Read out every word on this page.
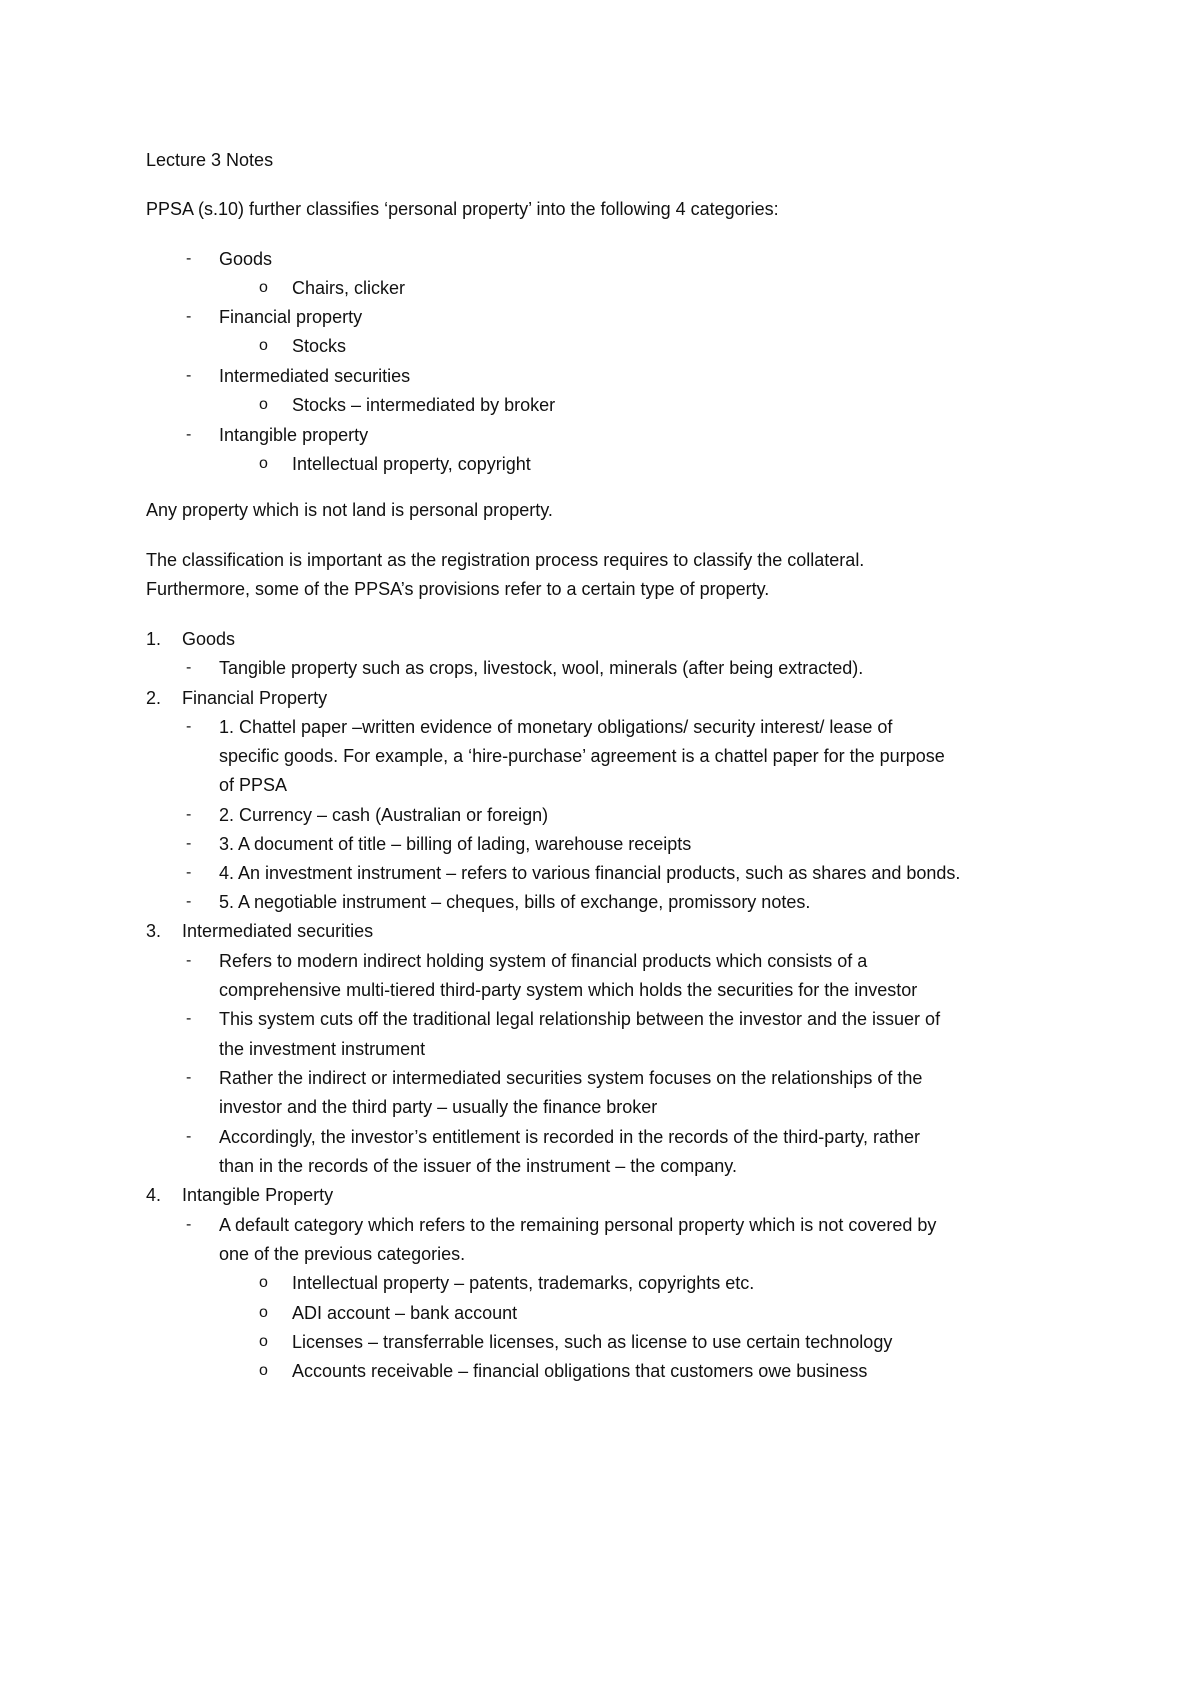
Lecture 3 Notes

PPSA (s.10) further classifies ‘personal property’ into the following 4 categories:

- Goods
o Chairs, clicker
- Financial property
o Stocks
- Intermediated securities
o Stocks – intermediated by broker
- Intangible property
o Intellectual property, copyright

Any property which is not land is personal property.

The classification is important as the registration process requires to classify the collateral.

Furthermore, some of the PPSA’s provisions refer to a certain type of property.

1. Goods
- Tangible property such as crops, livestock, wool, minerals (after being extracted).
2. Financial Property
- 1. Chattel paper –written evidence of monetary obligations/ security interest/ lease of
specific goods. For example, a ‘hire-purchase’ agreement is a chattel paper for the purpose
of PPSA
- 2. Currency – cash (Australian or foreign)
- 3. A document of title – billing of lading, warehouse receipts
- 4. An investment instrument – refers to various financial products, such as shares and bonds.
- 5. A negotiable instrument – cheques, bills of exchange, promissory notes.
3. Intermediated securities
- Refers to modern indirect holding system of financial products which consists of a
comprehensive multi-tiered third-party system which holds the securities for the investor
- This system cuts off the traditional legal relationship between the investor and the issuer of
the investment instrument
- Rather the indirect or intermediated securities system focuses on the relationships of the
investor and the third party – usually the finance broker
- Accordingly, the investor’s entitlement is recorded in the records of the third-party, rather
than in the records of the issuer of the instrument – the company.
4. Intangible Property
- A default category which refers to the remaining personal property which is not covered by
one of the previous categories.
o Intellectual property – patents, trademarks, copyrights etc.
o ADI account – bank account
o Licenses – transferrable licenses, such as license to use certain technology
o Accounts receivable – financial obligations that customers owe business
